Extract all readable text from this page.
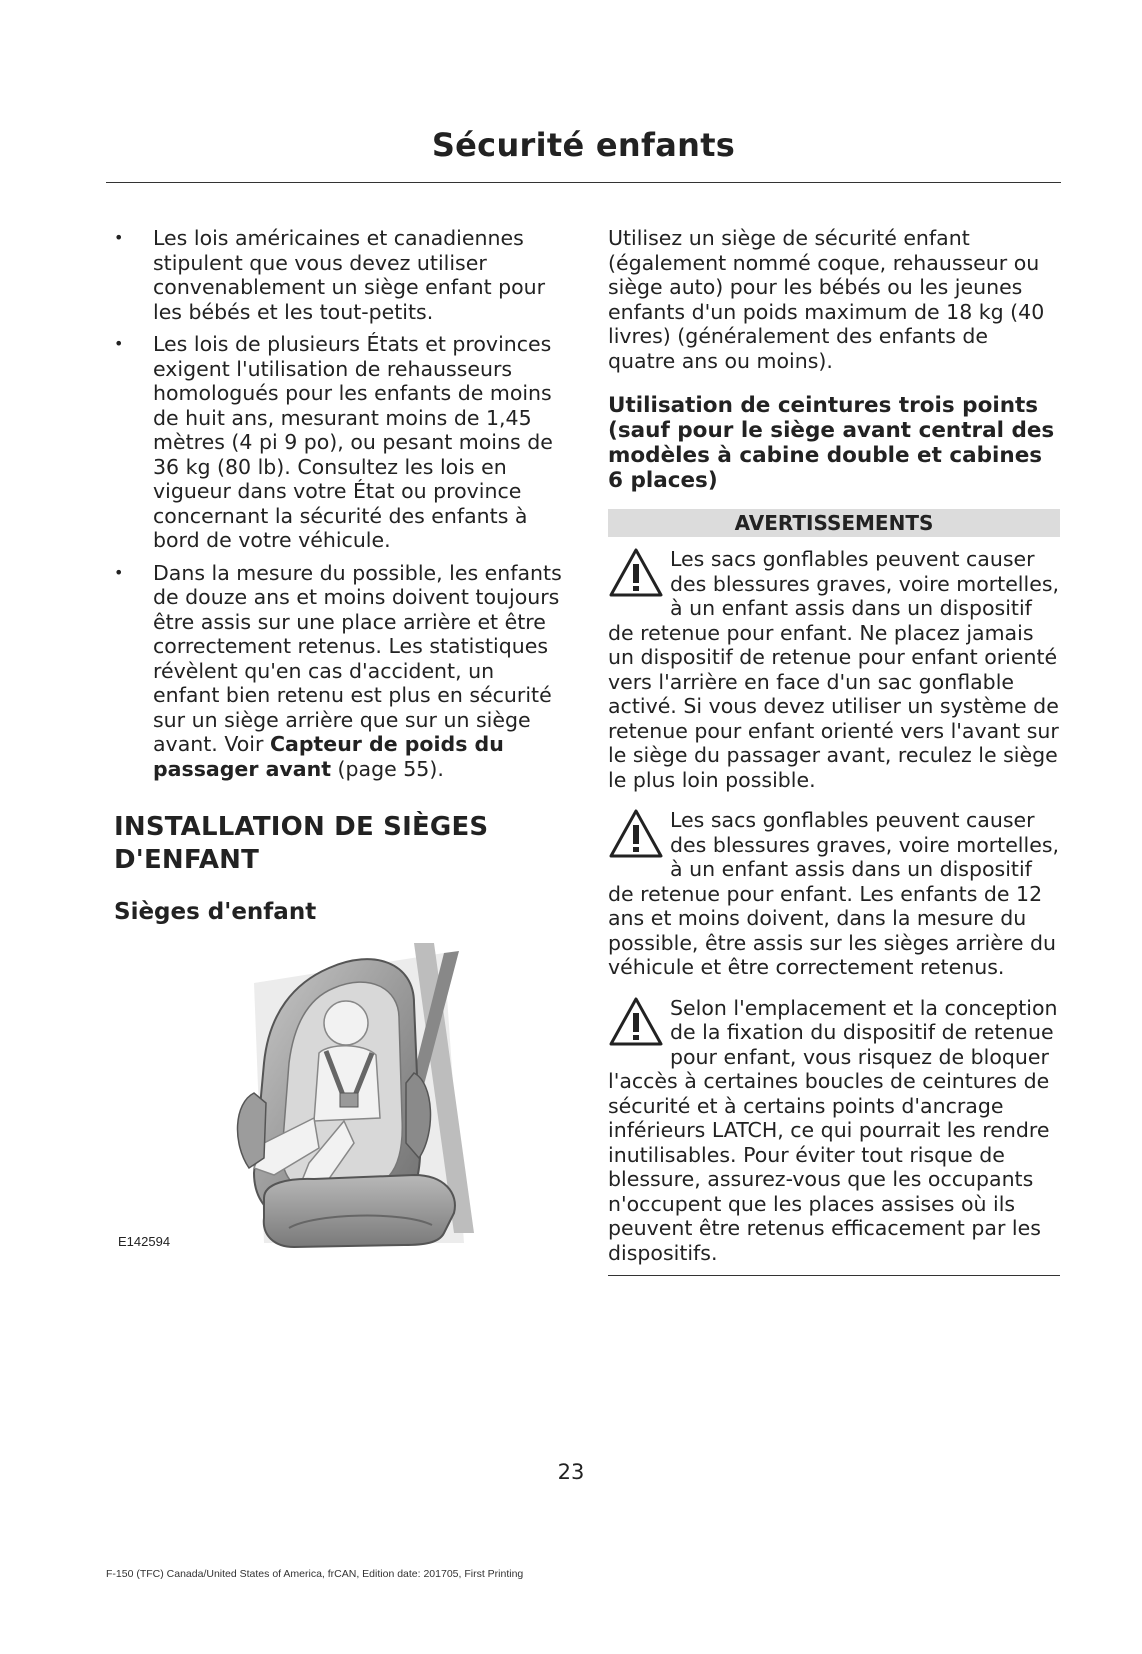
Sécurité enfants
• Les lois américaines et canadiennes stipulent que vous devez utiliser convenablement un siège enfant pour les bébés et les tout-petits.
• Les lois de plusieurs États et provinces exigent l'utilisation de rehausseurs homologués pour les enfants de moins de huit ans, mesurant moins de 1,45 mètres (4 pi 9 po), ou pesant moins de 36 kg (80 lb). Consultez les lois en vigueur dans votre État ou province concernant la sécurité des enfants à bord de votre véhicule.
• Dans la mesure du possible, les enfants de douze ans et moins doivent toujours être assis sur une place arrière et être correctement retenus. Les statistiques révèlent qu'en cas d'accident, un enfant bien retenu est plus en sécurité sur un siège arrière que sur un siège avant. Voir Capteur de poids du passager avant (page 55).
INSTALLATION DE SIÈGES D'ENFANT
Sièges d'enfant
E142594

Utilisez un siège de sécurité enfant (également nommé coque, rehausseur ou siège auto) pour les bébés ou les jeunes enfants d'un poids maximum de 18 kg (40 livres) (généralement des enfants de quatre ans ou moins).

Utilisation de ceintures trois points (sauf pour le siège avant central des modèles à cabine double et cabines 6 places)
AVERTISSEMENTS
Les sacs gonflables peuvent causer des blessures graves, voire mortelles, à un enfant assis dans un dispositif de retenue pour enfant. Ne placez jamais un dispositif de retenue pour enfant orienté vers l'arrière en face d'un sac gonflable activé. Si vous devez utiliser un système de retenue pour enfant orienté vers l'avant sur le siège du passager avant, reculez le siège le plus loin possible.
Les sacs gonflables peuvent causer des blessures graves, voire mortelles, à un enfant assis dans un dispositif de retenue pour enfant. Les enfants de 12 ans et moins doivent, dans la mesure du possible, être assis sur les sièges arrière du véhicule et être correctement retenus.
Selon l'emplacement et la conception de la fixation du dispositif de retenue pour enfant, vous risquez de bloquer l'accès à certaines boucles de ceintures de sécurité et à certains points d'ancrage inférieurs LATCH, ce qui pourrait les rendre inutilisables. Pour éviter tout risque de blessure, assurez-vous que les occupants n'occupent que les places assises où ils peuvent être retenus efficacement par les dispositifs.
23
F-150 (TFC) Canada/United States of America, frCAN, Edition date: 201705, First Printing
